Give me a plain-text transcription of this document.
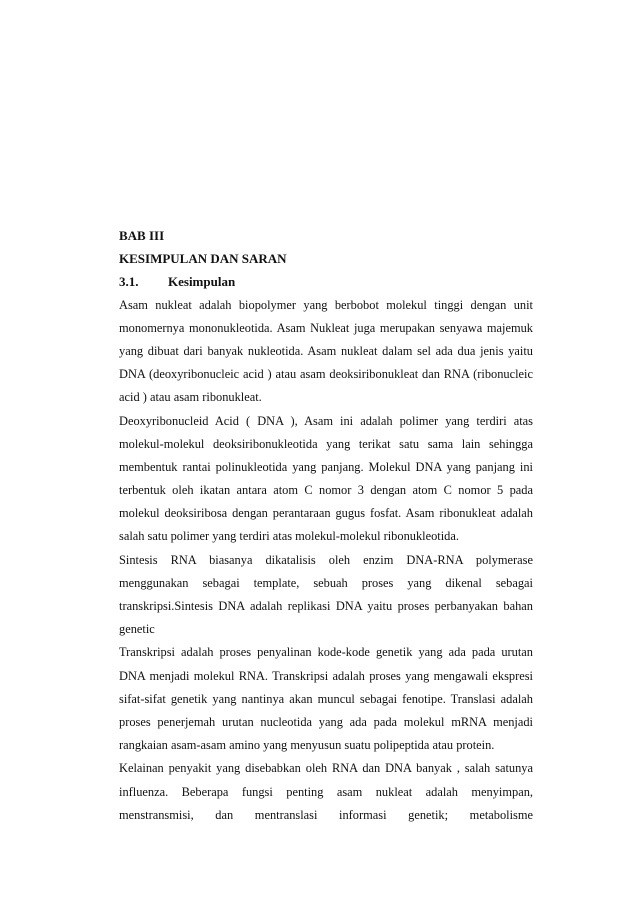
BAB III
KESIMPULAN DAN SARAN
3.1. Kesimpulan
Asam nukleat adalah biopolymer yang berbobot molekul tinggi dengan unit
monomernya mononukleotida. Asam Nukleat juga merupakan senyawa majemuk
yang dibuat dari banyak nukleotida. Asam nukleat dalam sel ada dua jenis yaitu
DNA (deoxyribonucleic acid ) atau asam deoksiribonukleat dan RNA (ribonucleic
acid ) atau asam ribonukleat.
Deoxyribonucleid Acid ( DNA ), Asam ini adalah polimer yang terdiri atas
molekul-molekul deoksiribonukleotida yang terikat satu sama lain sehingga
membentuk rantai polinukleotida yang panjang. Molekul DNA yang panjang ini
terbentuk oleh ikatan antara atom C nomor 3 dengan atom C nomor 5 pada
molekul deoksiribosa dengan perantaraan gugus fosfat. Asam ribonukleat adalah
salah satu polimer yang terdiri atas molekul-molekul ribonukleotida.
Sintesis RNA biasanya dikatalisis oleh enzim DNA-RNA polymerase
menggunakan sebagai template, sebuah proses yang dikenal sebagai
transkripsi.Sintesis DNA adalah replikasi DNA yaitu proses perbanyakan bahan
genetic
Transkripsi adalah proses penyalinan kode-kode genetik yang ada pada urutan
DNA menjadi molekul RNA. Transkripsi adalah proses yang mengawali ekspresi
sifat-sifat genetik yang nantinya akan muncul sebagai fenotipe. Translasi adalah
proses penerjemah urutan nucleotida yang ada pada molekul mRNA menjadi
rangkaian asam-asam amino yang menyusun suatu polipeptida atau protein.
Kelainan penyakit yang disebabkan oleh RNA dan DNA banyak , salah satunya
influenza. Beberapa fungsi penting asam nukleat adalah menyimpan,
menstransmisi, dan mentranslasi informasi genetik; metabolisme
